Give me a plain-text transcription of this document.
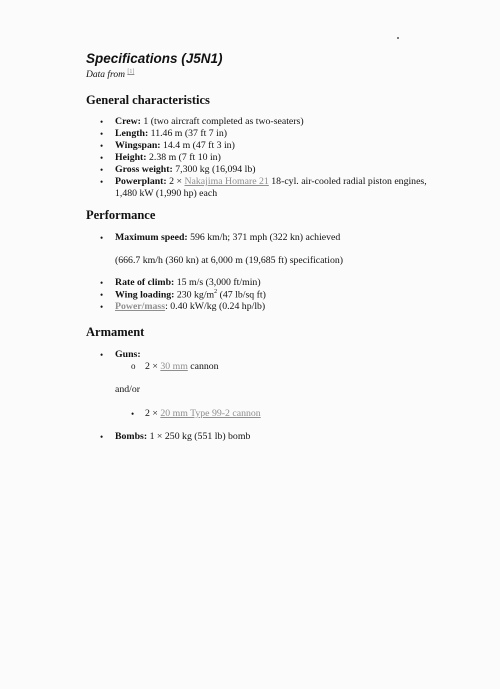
Specifications (J5N1)
Data from [1]
General characteristics
• Crew: 1 (two aircraft completed as two-seaters)
• Length: 11.46 m (37 ft 7 in)
• Wingspan: 14.4 m (47 ft 3 in)
• Height: 2.38 m (7 ft 10 in)
• Gross weight: 7,300 kg (16,094 lb)
• Powerplant: 2 × Nakajima Homare 21 18-cyl. air-cooled radial piston engines,
1,480 kW (1,990 hp) each
Performance
• Maximum speed: 596 km/h; 371 mph (322 kn) achieved
(666.7 km/h (360 kn) at 6,000 m (19,685 ft) specification)
• Rate of climb: 15 m/s (3,000 ft/min)
• Wing loading: 230 $kg/m^2$ (47 lb/sq ft)
• Power/mass: 0.40 kW/kg (0.24 hp/lb)
Armament
• Guns:
o 2 × 30 mm cannon
and/or
• 2 × 20 mm Type 99-2 cannon
• Bombs: 1 × 250 kg (551 lb) bomb
